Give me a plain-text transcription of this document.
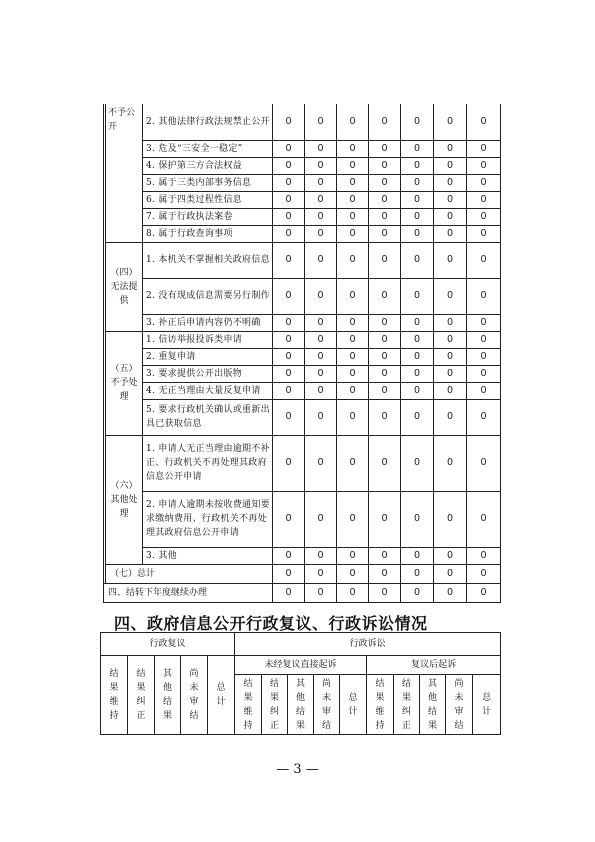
	不予公开	2. 其他法律行政法规禁止公开	0	0	0	0	0	0	0
		3. 危及“三安全一稳定”	0	0	0	0	0	0	0
		4. 保护第三方合法权益	0	0	0	0	0	0	0
		5. 属于三类内部事务信息	0	0	0	0	0	0	0
		6. 属于四类过程性信息	0	0	0	0	0	0	0
		7. 属于行政执法案卷	0	0	0	0	0	0	0
		8. 属于行政查询事项	0	0	0	0	0	0	0
	（四）无法提供	1. 本机关不掌握相关政府信息	0	0	0	0	0	0	0
		2. 没有现成信息需要另行制作	0	0	0	0	0	0	0
		3. 补正后申请内容仍不明确	0	0	0	0	0	0	0
	（五）不予处理	1. 信访举报投诉类申请	0	0	0	0	0	0	0
		2. 重复申请	0	0	0	0	0	0	0
		3. 要求提供公开出版物	0	0	0	0	0	0	0
		4. 无正当理由大量反复申请	0	0	0	0	0	0	0
		5. 要求行政机关确认或重新出具已获取信息	0	0	0	0	0	0	0
	（六）其他处理	1. 申请人无正当理由逾期不补正、行政机关不再处理其政府信息公开申请	0	0	0	0	0	0	0
		2. 申请人逾期未按收费通知要求缴纳费用、行政机关不再处理其政府信息公开申请	0	0	0	0	0	0	0
		3. 其他	0	0	0	0	0	0	0
	（七）总计		0	0	0	0	0	0	0
四、结转下年度继续办理			0	0	0	0	0	0	0
四、政府信息公开行政复议、行政诉讼情况
行政复议					行政诉讼									
结果维持	结果纠正	其他结果	尚未审结	总计	未经复议直接起诉					复议后起诉				
					结果维持	结果纠正	其他结果	尚未审结	总计	结果维持	结果纠正	其他结果	尚未审结	总计
— 3 —
